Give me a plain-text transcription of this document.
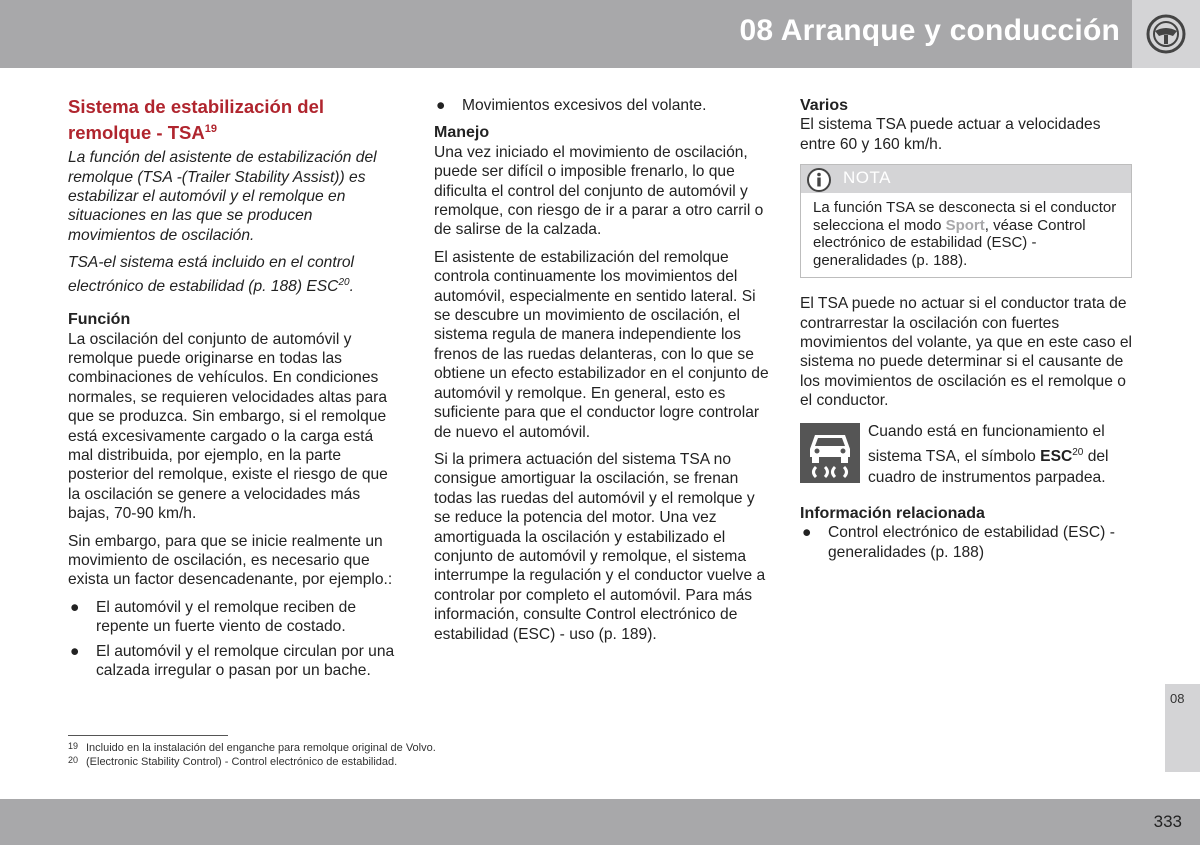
08 Arranque y conducción
Sistema de estabilización del remolque - TSA$^{19}$

La función del asistente de estabilización del remolque (TSA -(Trailer Stability Assist)) es estabilizar el automóvil y el remolque en situaciones en las que se producen movimientos de oscilación.

TSA-el sistema está incluido en el control electrónico de estabilidad (p. 188) ESC$^{20}$.

Función

La oscilación del conjunto de automóvil y remolque puede originarse en todas las combinaciones de vehículos. En condiciones normales, se requieren velocidades altas para que se produzca. Sin embargo, si el remolque está excesivamente cargado o la carga está mal distribuida, por ejemplo, en la parte posterior del remolque, existe el riesgo de que la oscilación se genere a velocidades más bajas, 70-90 km/h.

Sin embargo, para que se inicie realmente un movimiento de oscilación, es necesario que exista un factor desencadenante, por ejemplo.:

● El automóvil y el remolque reciben de repente un fuerte viento de costado.
● El automóvil y el remolque circulan por una calzada irregular o pasan por un bache.
● Movimientos excesivos del volante.
Manejo

Una vez iniciado el movimiento de oscilación, puede ser difícil o imposible frenarlo, lo que dificulta el control del conjunto de automóvil y remolque, con riesgo de ir a parar a otro carril o de salirse de la calzada.

El asistente de estabilización del remolque controla continuamente los movimientos del automóvil, especialmente en sentido lateral. Si se descubre un movimiento de oscilación, el sistema regula de manera independiente los frenos de las ruedas delanteras, con lo que se obtiene un efecto estabilizador en el conjunto de automóvil y remolque. En general, esto es suficiente para que el conductor logre controlar de nuevo el automóvil.

Si la primera actuación del sistema TSA no consigue amortiguar la oscilación, se frenan todas las ruedas del automóvil y el remolque y se reduce la potencia del motor. Una vez amortiguada la oscilación y estabilizado el conjunto de automóvil y remolque, el sistema interrumpe la regulación y el conductor vuelve a controlar por completo el automóvil. Para más información, consulte Control electrónico de estabilidad (ESC) - uso (p. 189).

Varios

El sistema TSA puede actuar a velocidades entre 60 y 160 km/h.

NOTA
La función TSA se desconecta si el conductor selecciona el modo Sport, véase Control electrónico de estabilidad (ESC) - generalidades (p. 188).

El TSA puede no actuar si el conductor trata de contrarrestar la oscilación con fuertes movimientos del volante, ya que en este caso el sistema no puede determinar si el causante de los movimientos de oscilación es el remolque o el conductor.

Cuando está en funcionamiento el sistema TSA, el símbolo ESC$^{20}$ del cuadro de instrumentos parpadea.
Información relacionada
● Control electrónico de estabilidad (ESC) - generalidades (p. 188)
19 Incluido en la instalación del enganche para remolque original de Volvo.
20 (Electronic Stability Control) - Control electrónico de estabilidad.
08
333
